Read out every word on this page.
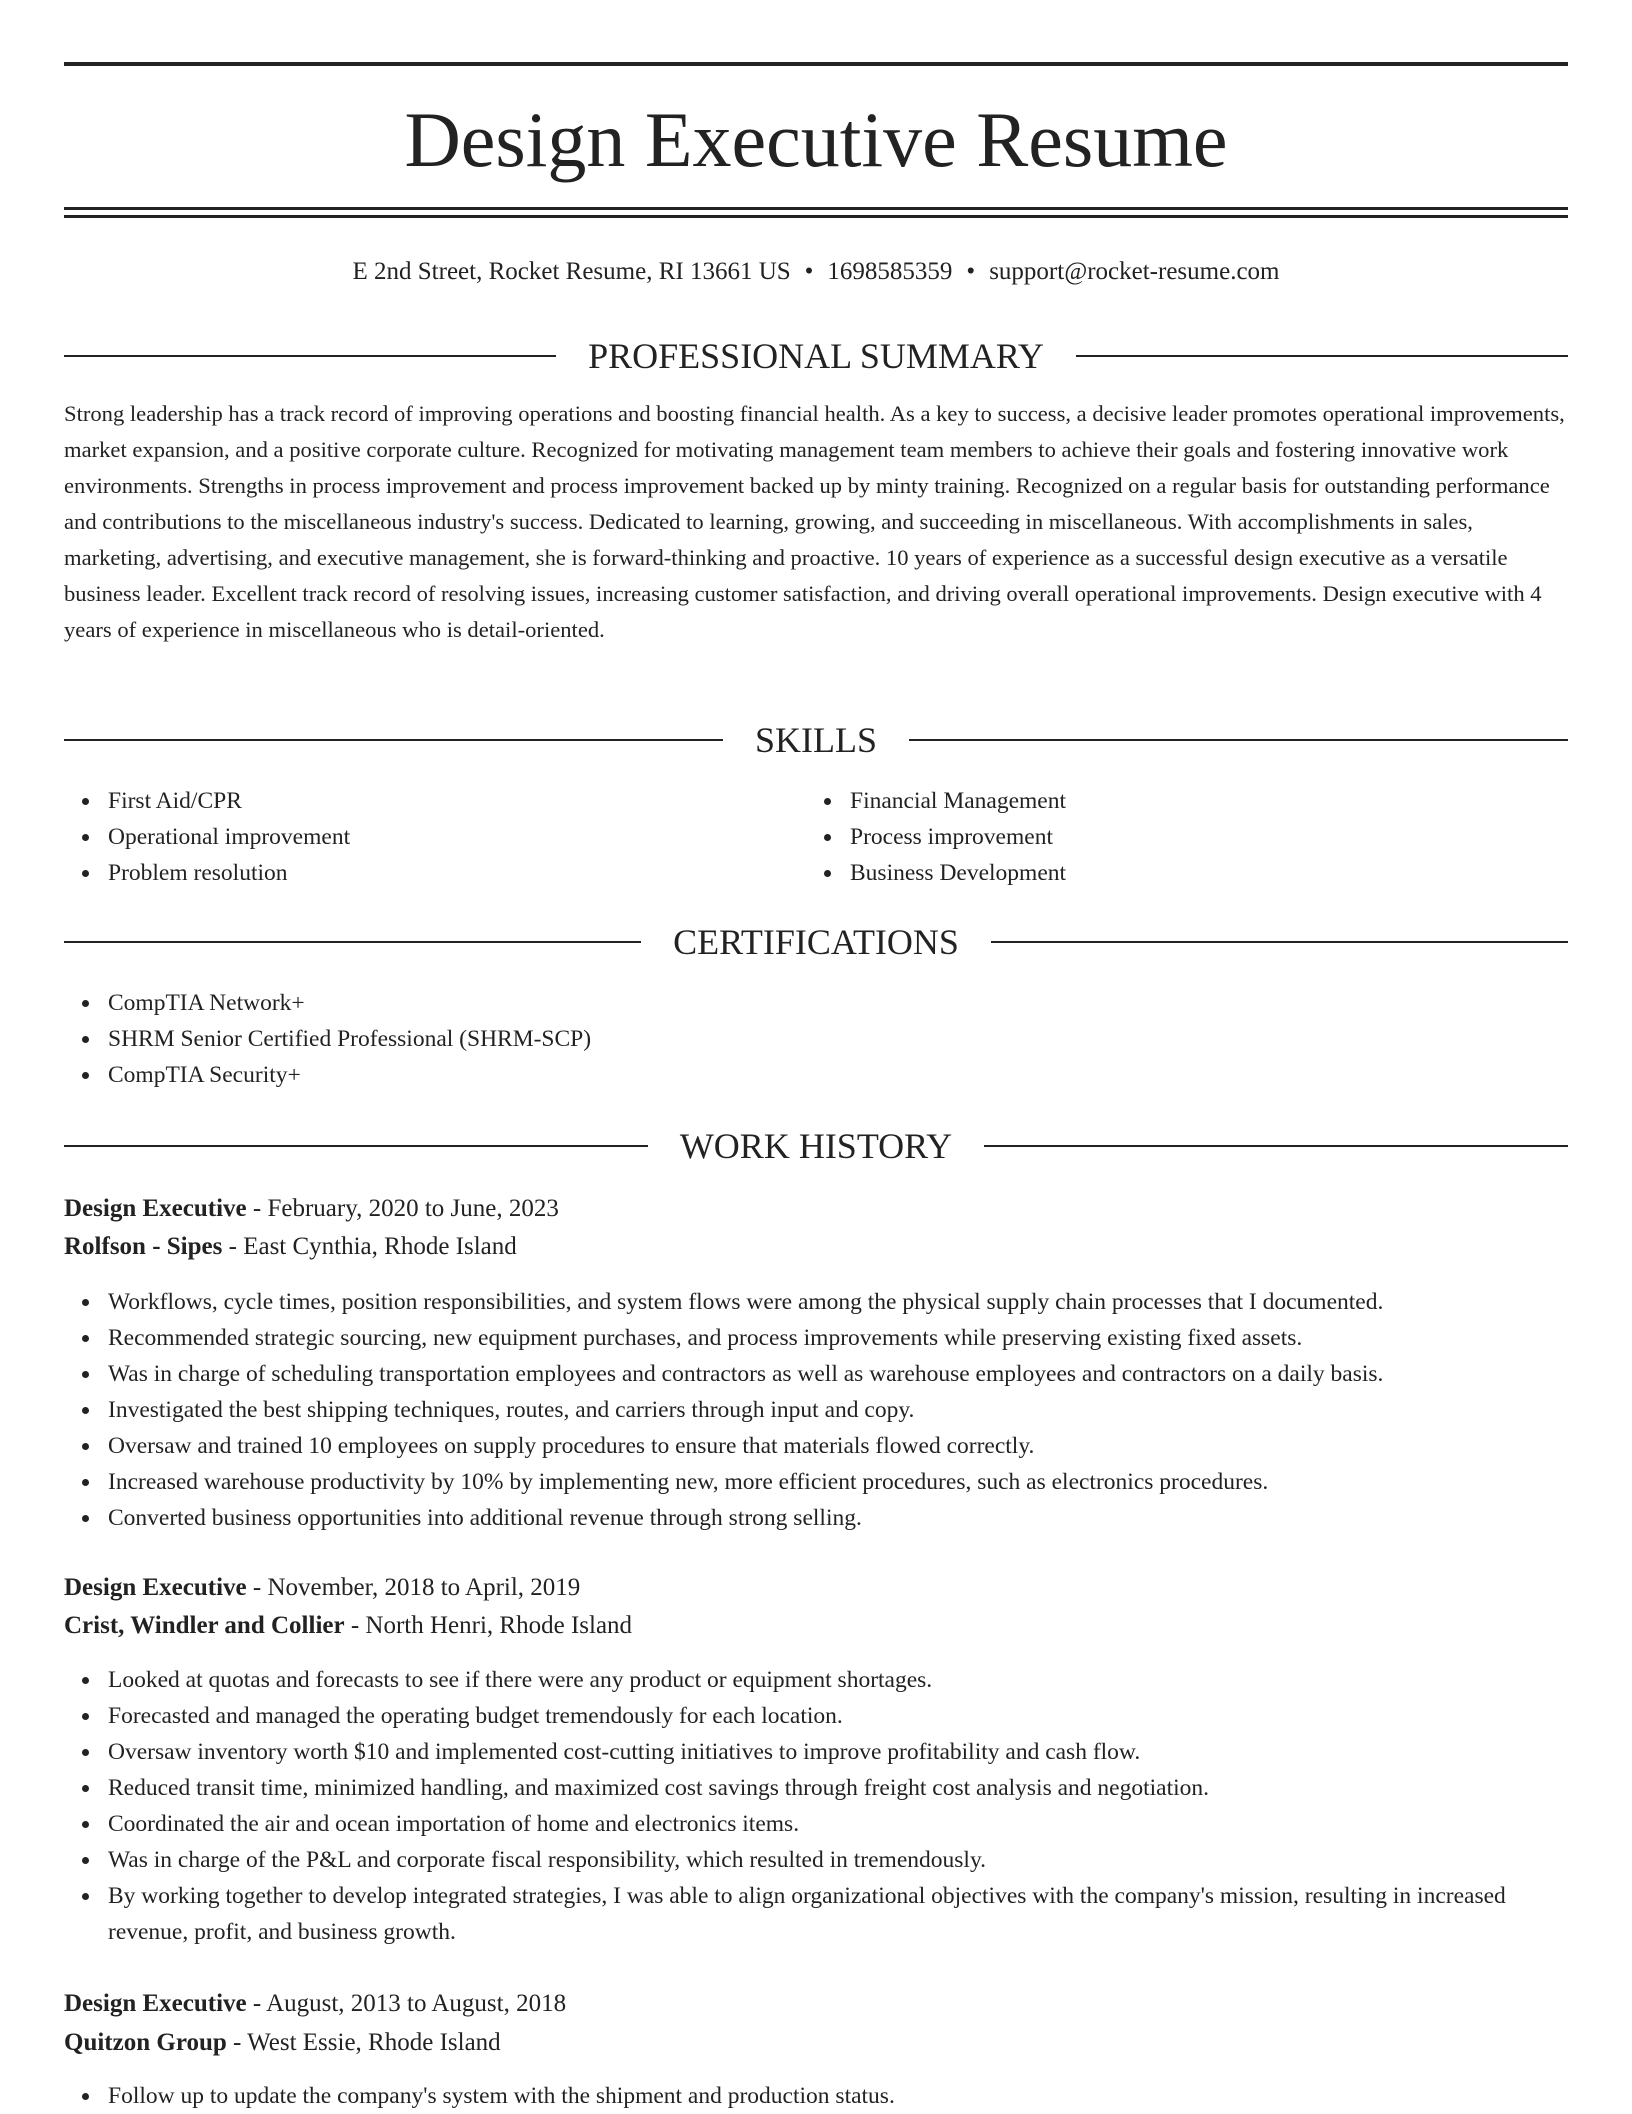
Design Executive Resume
E 2nd Street, Rocket Resume, RI 13661 US • 1698585359 • support@rocket-resume.com
PROFESSIONAL SUMMARY

Strong leadership has a track record of improving operations and boosting financial health. As a key to success, a decisive leader promotes operational improvements, market expansion, and a positive corporate culture. Recognized for motivating management team members to achieve their goals and fostering innovative work environments. Strengths in process improvement and process improvement backed up by minty training. Recognized on a regular basis for outstanding performance and contributions to the miscellaneous industry's success. Dedicated to learning, growing, and succeeding in miscellaneous. With accomplishments in sales, marketing, advertising, and executive management, she is forward-thinking and proactive. 10 years of experience as a successful design executive as a versatile business leader. Excellent track record of resolving issues, increasing customer satisfaction, and driving overall operational improvements. Design executive with 4 years of experience in miscellaneous who is detail-oriented.

SKILLS
First Aid/CPR
Operational improvement
Problem resolution
Financial Management
Process improvement
Business Development
CERTIFICATIONS
CompTIA Network+
SHRM Senior Certified Professional (SHRM-SCP)
CompTIA Security+
WORK HISTORY
Design Executive - February, 2020 to June, 2023
Rolfson - Sipes - East Cynthia, Rhode Island
Workflows, cycle times, position responsibilities, and system flows were among the physical supply chain processes that I documented.
Recommended strategic sourcing, new equipment purchases, and process improvements while preserving existing fixed assets.
Was in charge of scheduling transportation employees and contractors as well as warehouse employees and contractors on a daily basis.
Investigated the best shipping techniques, routes, and carriers through input and copy.
Oversaw and trained 10 employees on supply procedures to ensure that materials flowed correctly.
Increased warehouse productivity by 10% by implementing new, more efficient procedures, such as electronics procedures.
Converted business opportunities into additional revenue through strong selling.
Design Executive - November, 2018 to April, 2019
Crist, Windler and Collier - North Henri, Rhode Island
Looked at quotas and forecasts to see if there were any product or equipment shortages.
Forecasted and managed the operating budget tremendously for each location.
Oversaw inventory worth $10 and implemented cost-cutting initiatives to improve profitability and cash flow.
Reduced transit time, minimized handling, and maximized cost savings through freight cost analysis and negotiation.
Coordinated the air and ocean importation of home and electronics items.
Was in charge of the P&L and corporate fiscal responsibility, which resulted in tremendously.
By working together to develop integrated strategies, I was able to align organizational objectives with the company's mission, resulting in increased revenue, profit, and business growth.
Design Executive - August, 2013 to August, 2018
Quitzon Group - West Essie, Rhode Island
Follow up to update the company's system with the shipment and production status.
